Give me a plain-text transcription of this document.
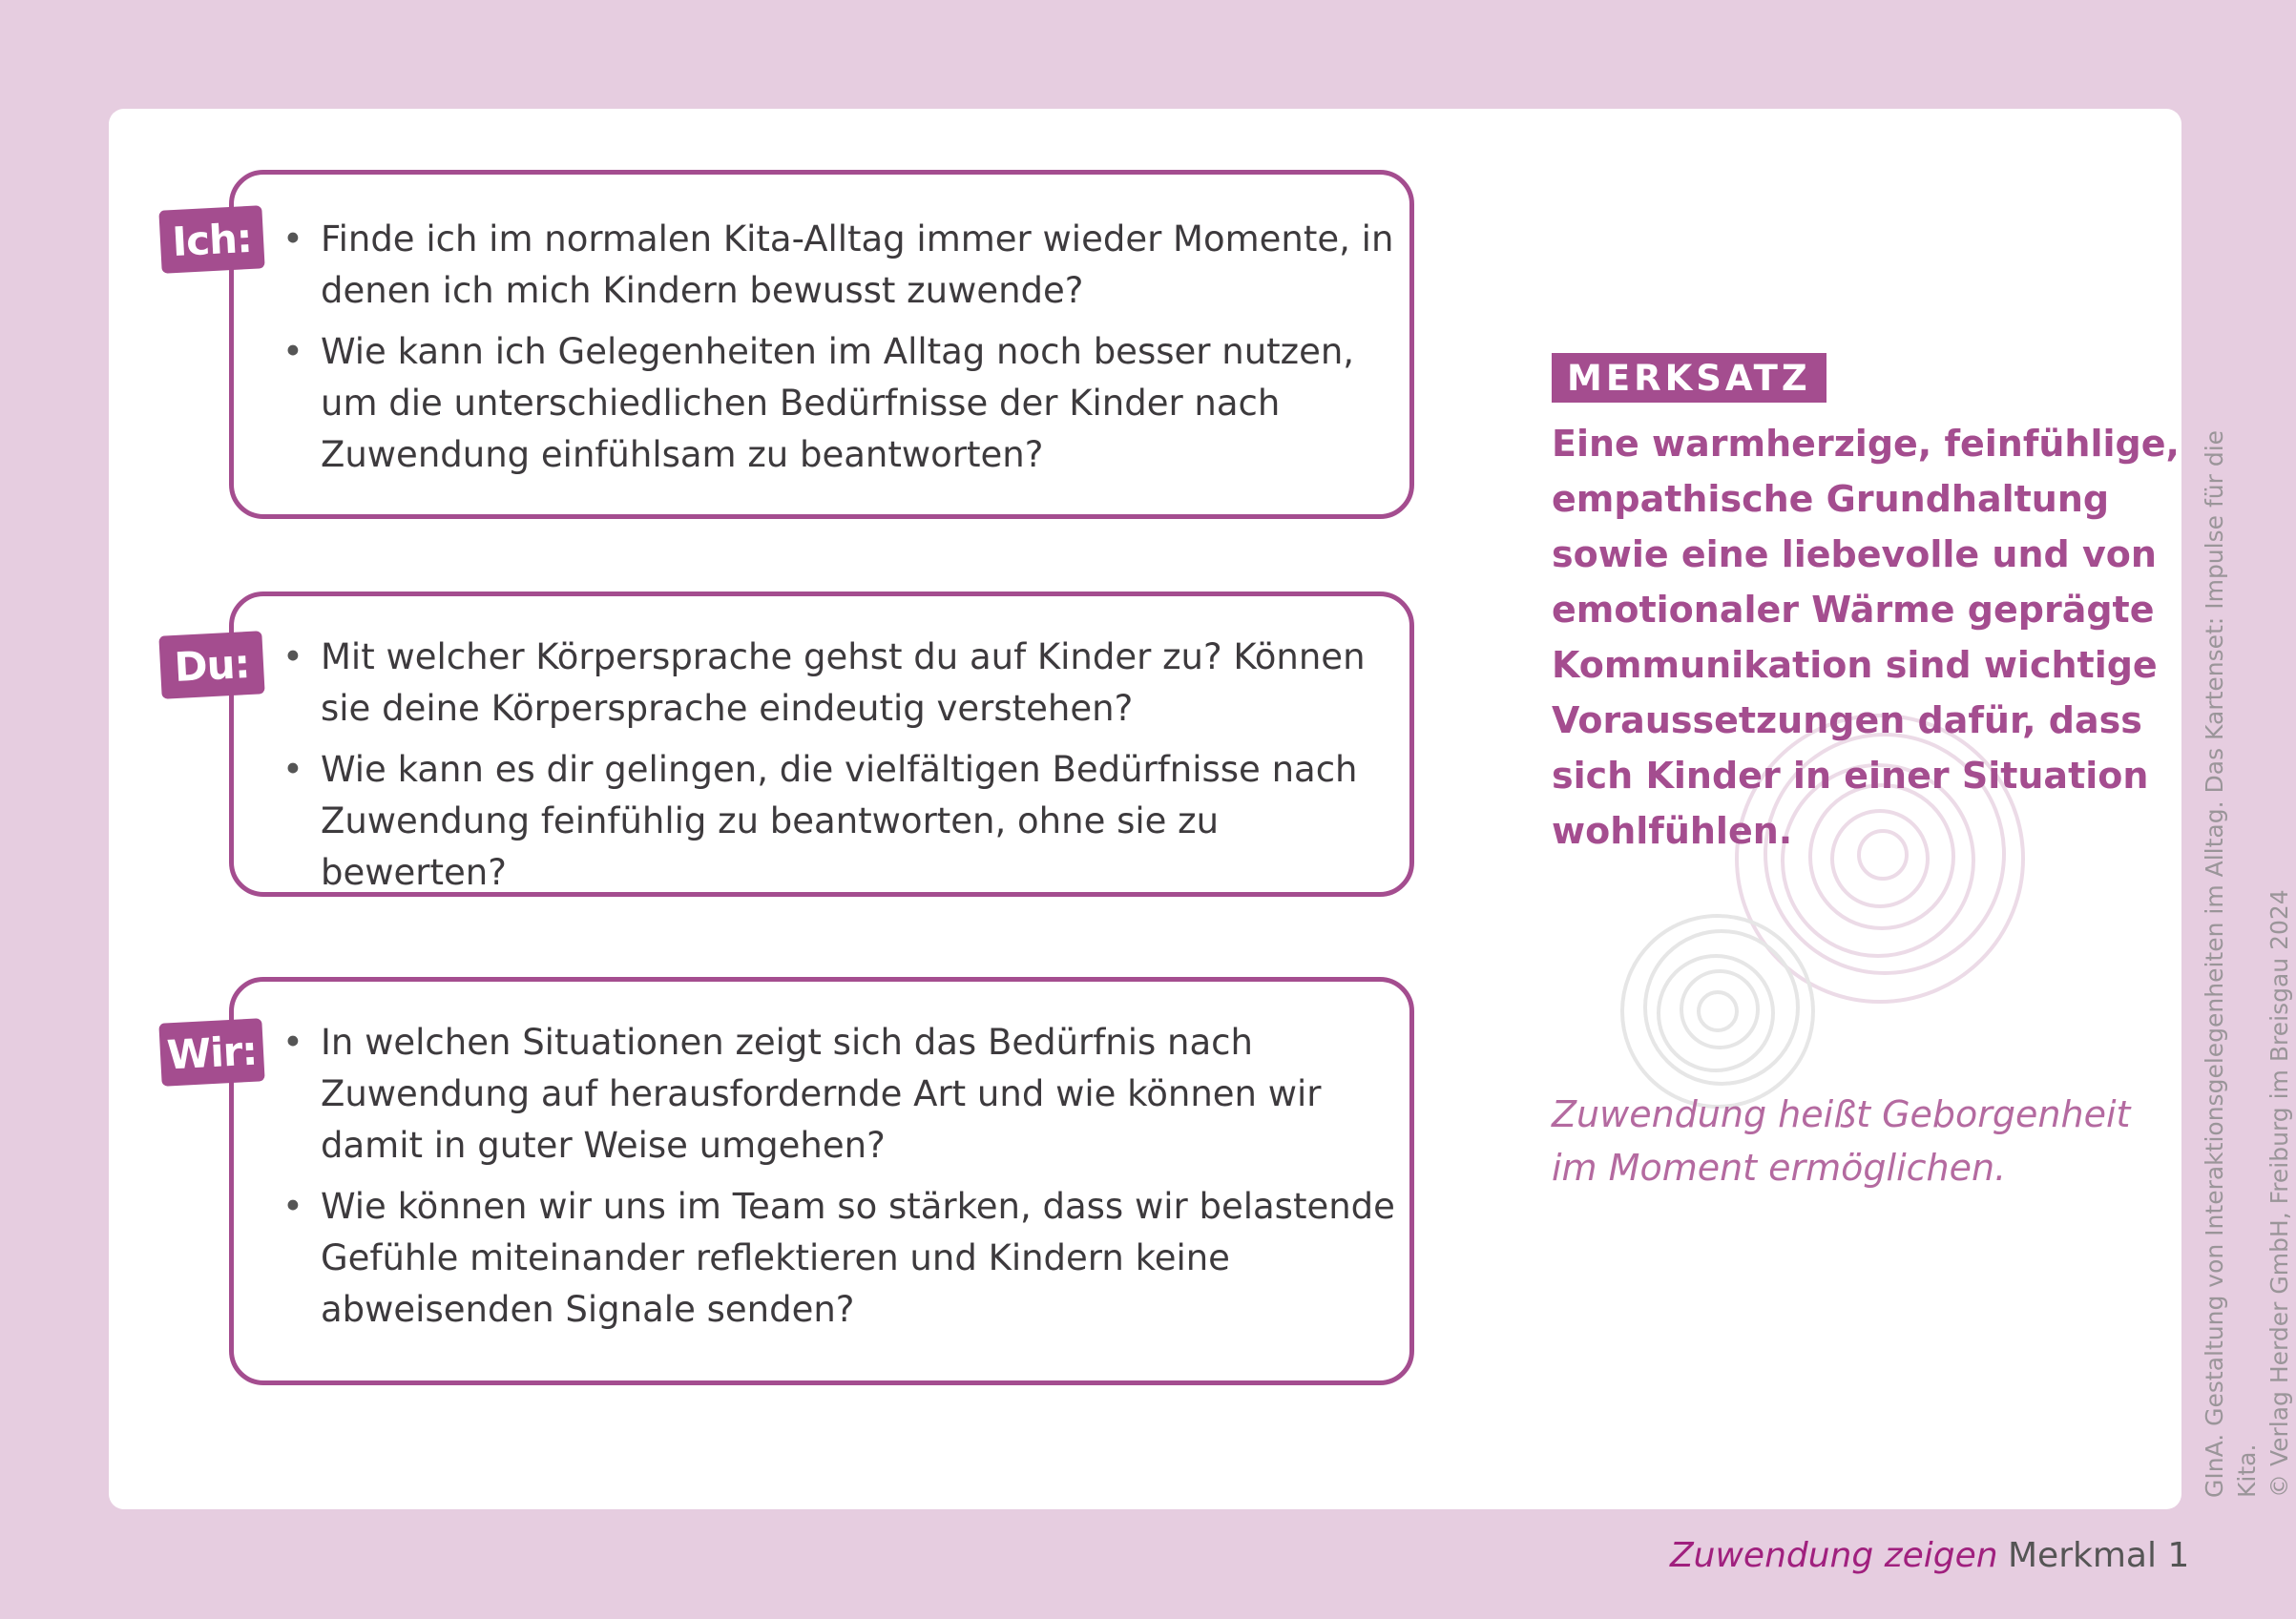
Ich: • Finde ich im normalen Kita-Alltag immer wieder Momente, in denen ich mich Kindern bewusst zuwende?
• Wie kann ich Gelegenheiten im Alltag noch besser nutzen, um die unterschiedlichen Bedürfnisse der Kinder nach Zuwendung einfühlsam zu beantworten?
Du: • Mit welcher Körpersprache gehst du auf Kinder zu? Können sie deine Körpersprache eindeutig verstehen?
• Wie kann es dir gelingen, die vielfältigen Bedürfnisse nach Zuwendung feinfühlig zu beantworten, ohne sie zu bewerten?
Wir: • In welchen Situationen zeigt sich das Bedürfnis nach Zuwendung auf herausfordernde Art und wie können wir damit in guter Weise umgehen?
• Wie können wir uns im Team so stärken, dass wir belastende Gefühle miteinander reflektieren und Kindern keine abweisenden Signale senden?
MERKSATZ
Eine warmherzige, feinfühlige, empathische Grundhaltung sowie eine liebevolle und von emotionaler Wärme geprägte Kommunikation sind wichtige Voraussetzungen dafür, dass sich Kinder in einer Situation wohlfühlen.
Zuwendung heißt Geborgenheit im Moment ermöglichen.	GInA. Gestaltung von Interaktionsgelegenheiten im Alltag. Das Kartenset: Impulse für die Kita. © Verlag Herder GmbH, Freiburg im Breisgau 2024
Zuwendung zeigen Merkmal 1
